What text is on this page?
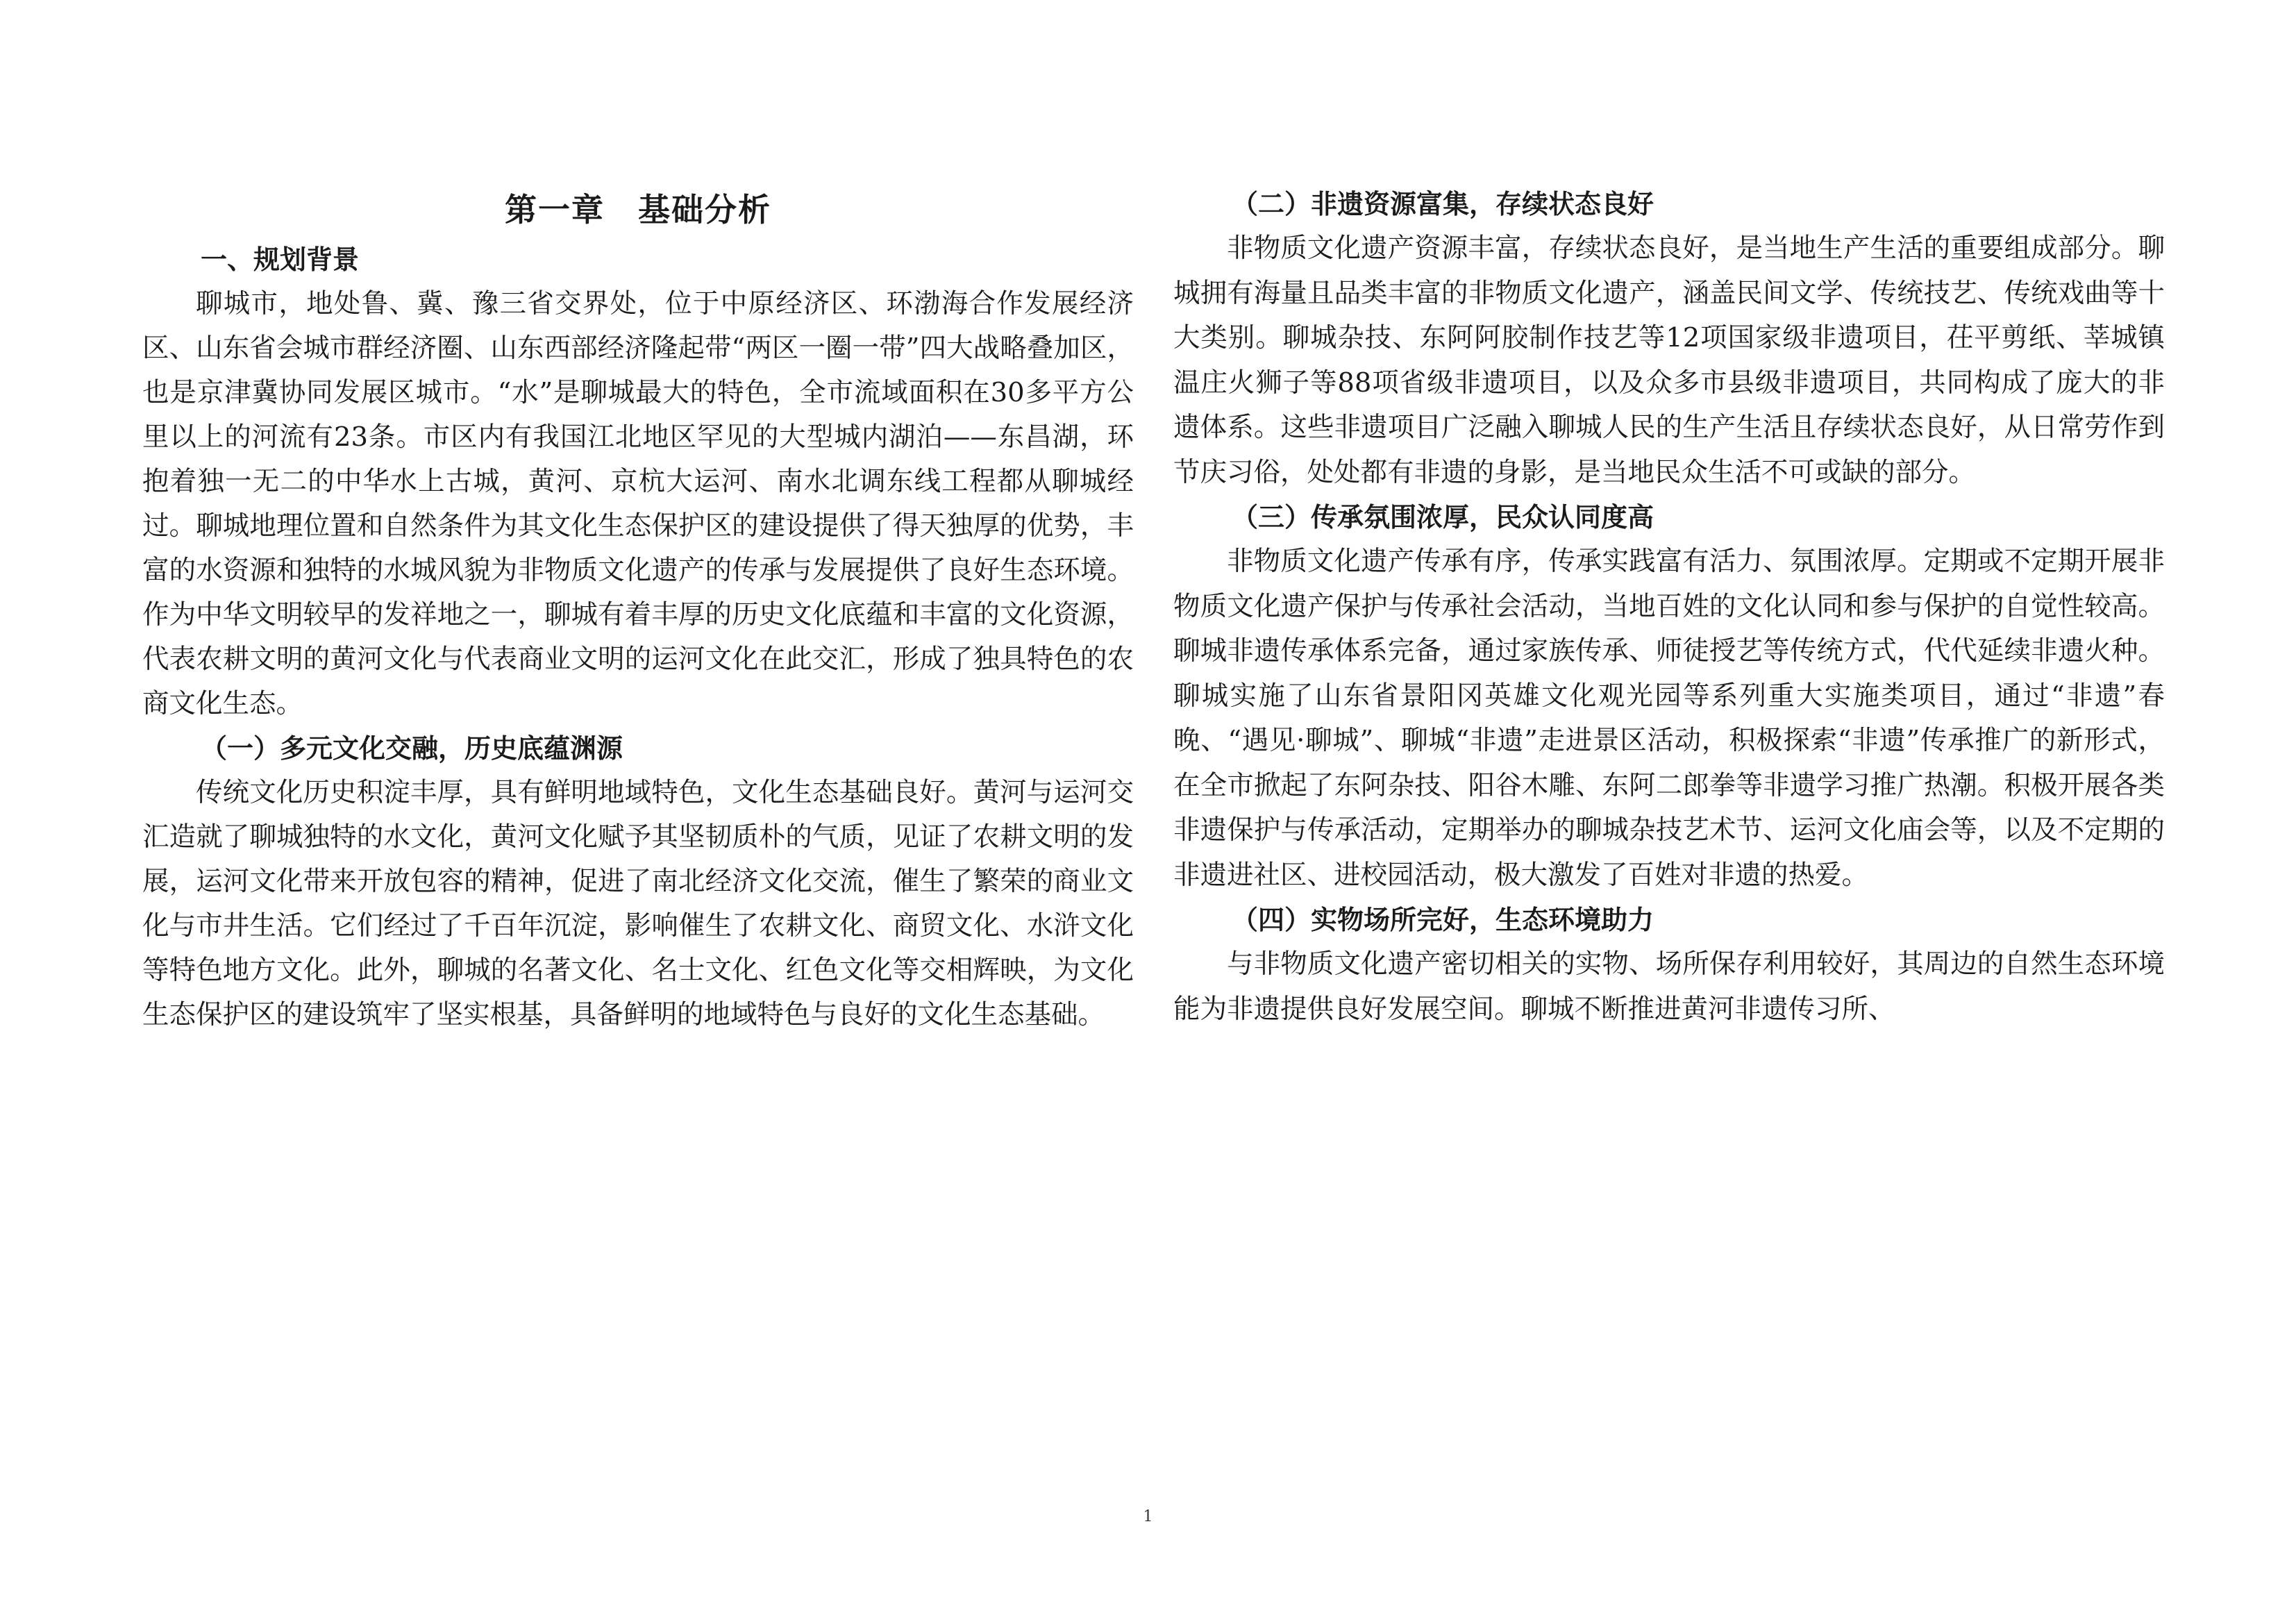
第一章　基础分析
一、规划背景

聊城市，地处鲁、冀、豫三省交界处，位于中原经济区、环渤海合作发展经济区、山东省会城市群经济圈、山东西部经济隆起带“两区一圈一带”四大战略叠加区，也是京津冀协同发展区城市。“水”是聊城最大的特色，全市流域面积在30多平方公里以上的河流有23条。市区内有我国江北地区罕见的大型城内湖泊——东昌湖，环抱着独一无二的中华水上古城，黄河、京杭大运河、南水北调东线工程都从聊城经过。聊城地理位置和自然条件为其文化生态保护区的建设提供了得天独厚的优势，丰富的水资源和独特的水城风貌为非物质文化遗产的传承与发展提供了良好生态环境。作为中华文明较早的发祥地之一，聊城有着丰厚的历史文化底蕴和丰富的文化资源，代表农耕文明的黄河文化与代表商业文明的运河文化在此交汇，形成了独具特色的农商文化生态。

（一）多元文化交融，历史底蕴渊源

传统文化历史积淀丰厚，具有鲜明地域特色，文化生态基础良好。黄河与运河交汇造就了聊城独特的水文化，黄河文化赋予其坚韧质朴的气质，见证了农耕文明的发展，运河文化带来开放包容的精神，促进了南北经济文化交流，催生了繁荣的商业文化与市井生活。它们经过了千百年沉淀，影响催生了农耕文化、商贸文化、水浒文化等特色地方文化。此外，聊城的名著文化、名士文化、红色文化等交相辉映，为文化生态保护区的建设筑牢了坚实根基，具备鲜明的地域特色与良好的文化生态基础。

（二）非遗资源富集，存续状态良好

非物质文化遗产资源丰富，存续状态良好，是当地生产生活的重要组成部分。聊城拥有海量且品类丰富的非物质文化遗产，涵盖民间文学、传统技艺、传统戏曲等十大类别。聊城杂技、东阿阿胶制作技艺等12项国家级非遗项目，茌平剪纸、莘城镇温庄火狮子等88项省级非遗项目，以及众多市县级非遗项目，共同构成了庞大的非遗体系。这些非遗项目广泛融入聊城人民的生产生活且存续状态良好，从日常劳作到节庆习俗，处处都有非遗的身影，是当地民众生活不可或缺的部分。

（三）传承氛围浓厚，民众认同度高

非物质文化遗产传承有序，传承实践富有活力、氛围浓厚。定期或不定期开展非物质文化遗产保护与传承社会活动，当地百姓的文化认同和参与保护的自觉性较高。聊城非遗传承体系完备，通过家族传承、师徒授艺等传统方式，代代延续非遗火种。聊城实施了山东省景阳冈英雄文化观光园等系列重大实施类项目，通过“非遗”春晚、“遇见·聊城”、聊城“非遗”走进景区活动，积极探索“非遗”传承推广的新形式，在全市掀起了东阿杂技、阳谷木雕、东阿二郎拳等非遗学习推广热潮。积极开展各类非遗保护与传承活动，定期举办的聊城杂技艺术节、运河文化庙会等，以及不定期的非遗进社区、进校园活动，极大激发了百姓对非遗的热爱。

（四）实物场所完好，生态环境助力

与非物质文化遗产密切相关的实物、场所保存利用较好，其周边的自然生态环境能为非遗提供良好发展空间。聊城不断推进黄河非遗传习所、

1
